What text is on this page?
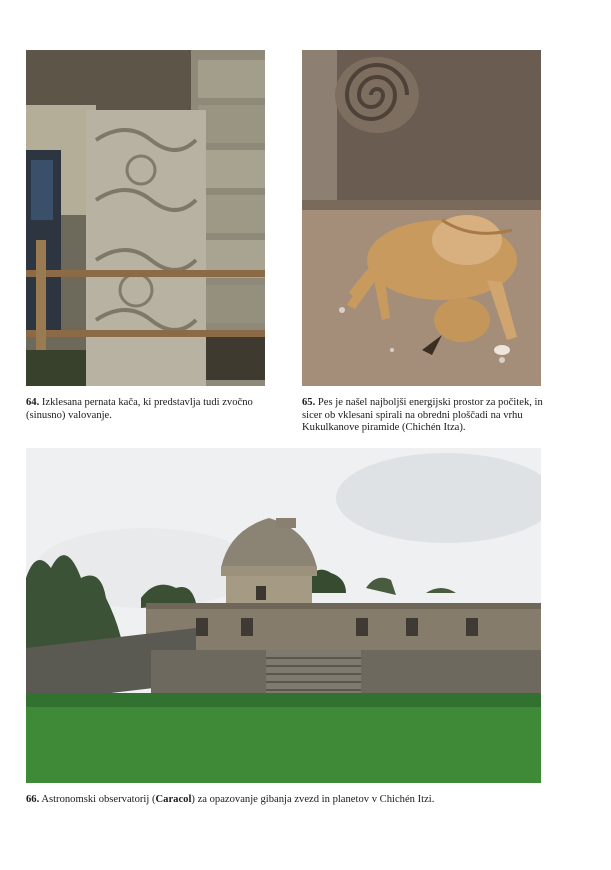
64. Izklesana pernata kača, ki predstavlja tudi zvočno (sinusno) valovanje.
65. Pes je našel najboljši energijski prostor za počitek, in sicer ob vklesani spirali na obredni ploščadi na vrhu Kukulkanove piramide (Chichén Itza).
66. Astronomski observatorij (Caracol) za opazovanje gibanja zvezd in planetov v Chichén Itzi.
